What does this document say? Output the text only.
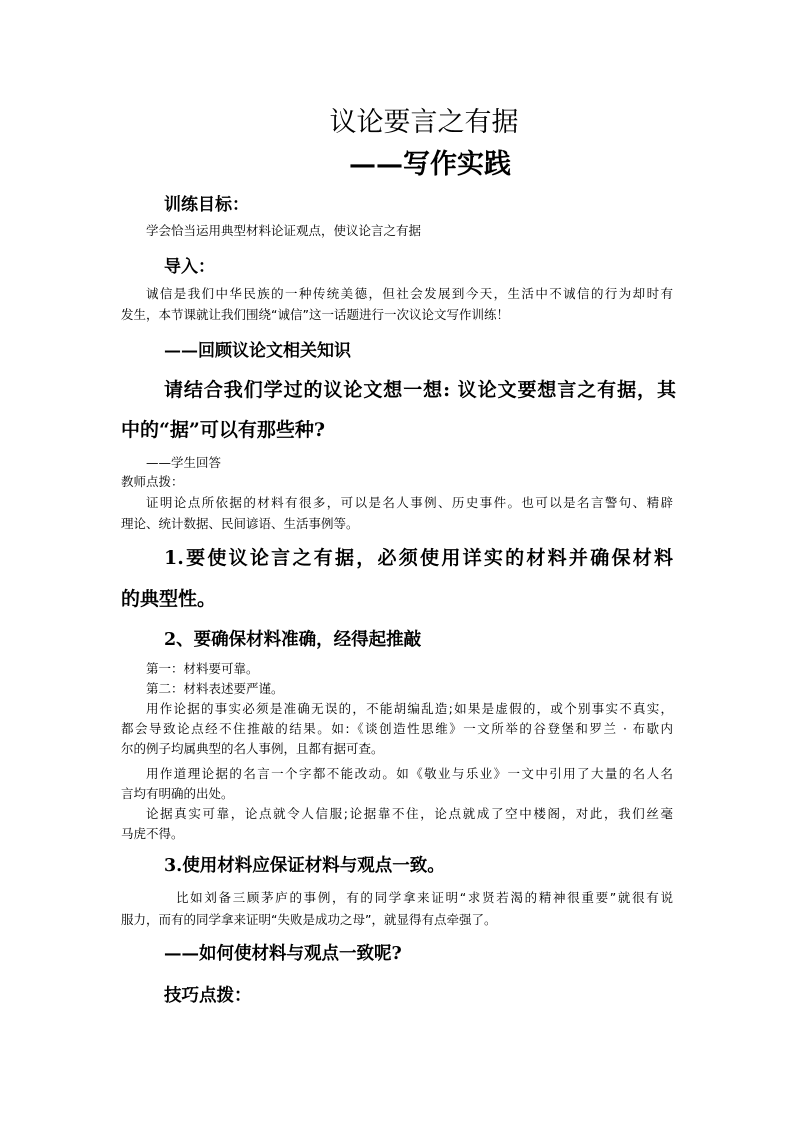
议论要言之有据
——写作实践
训练目标：
学会恰当运用典型材料论证观点，使议论言之有据
导入：
诚信是我们中华民族的一种传统美德，但社会发展到今天，生活中不诚信的行为却时有
发生，本节课就让我们围绕“诚信”这一话题进行一次议论文写作训练！
——回顾议论文相关知识
请结合我们学过的议论文想一想: 议论文要想言之有据，其
中的“据”可以有那些种?
——学生回答
教师点拨：
证明论点所依据的材料有很多，可以是名人事例、历史事件。也可以是名言警句、精辟
理论、统计数据、民间谚语、生活事例等。
1.要使议论言之有据，必须使用详实的材料并确保材料
的典型性。
2、要确保材料准确，经得起推敲
第一：材料要可靠。
第二：材料表述要严谨。
用作论据的事实必须是准确无误的，不能胡编乱造;如果是虚假的，或个别事实不真实，
都会导致论点经不住推敲的结果。如:《谈创造性思维》一文所举的谷登堡和罗兰 · 布歇内
尔的例子均属典型的名人事例，且都有据可查。
用作道理论据的名言一个字都不能改动。如《敬业与乐业》一文中引用了大量的名人名
言均有明确的出处。
论据真实可靠，论点就令人信服;论据靠不住，论点就成了空中楼阁，对此，我们丝毫
马虎不得。
3.使用材料应保证材料与观点一致。
比如刘备三顾茅庐的事例，有的同学拿来证明“求贤若渴的精神很重要”就很有说
服力，而有的同学拿来证明“失败是成功之母”，就显得有点牵强了。
——如何使材料与观点一致呢?
技巧点拨：
